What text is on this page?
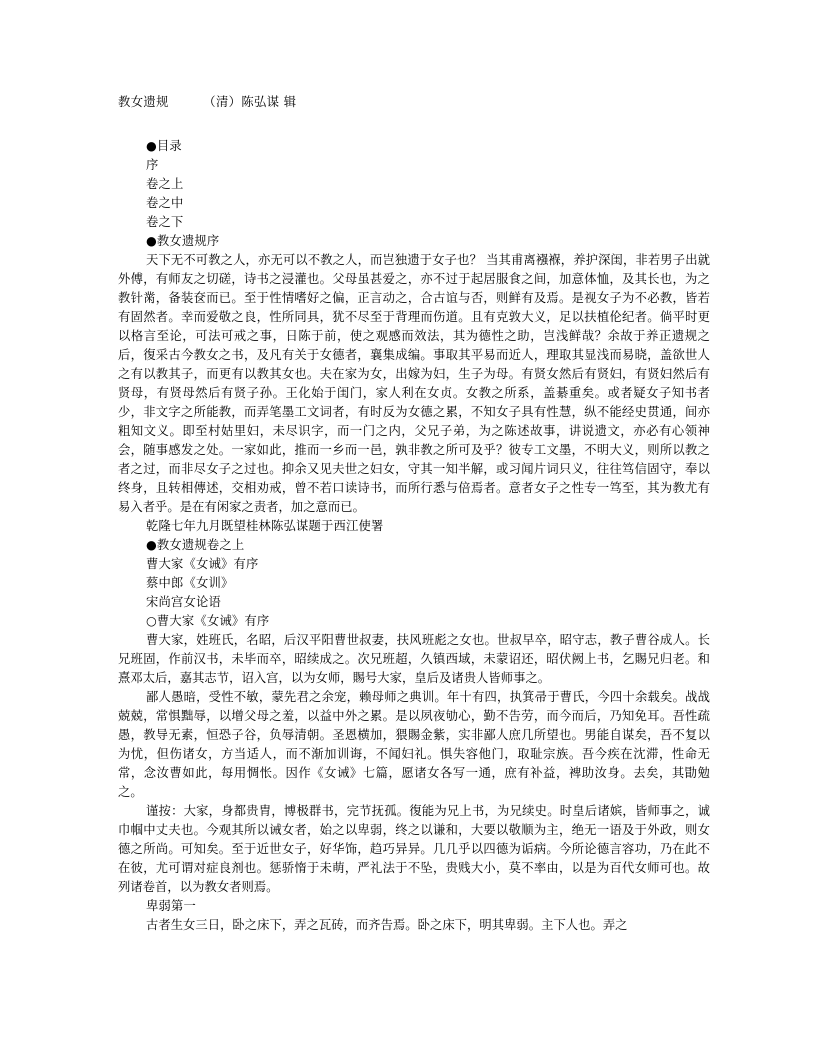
教女遗规        （清）陈弘谋 辑
●目录
序
卷之上
卷之中
卷之下
●教女遗规序

天下无不可教之人，亦无可以不教之人，而岂独遗于女子也？ 当其甫离襁褓，养护深闺，非若男子出就外傅，有师友之切磋，诗书之浸灌也。父母虽甚爱之，亦不过于起居服食之间，加意体恤，及其长也，为之教针黹，备装奁而已。至于性情嗜好之偏，正言动之，合古谊与否，则鲜有及焉。是视女子为不必教，皆若有固然者。幸而爱敬之良，性所同具，犹不尽至于背理而伤道。且有克敦大义，足以扶植伦纪者。倘平时更以格言至论，可法可戒之事，日陈于前，使之观感而效法，其为德性之助，岂浅鲜哉？余故于养正遗规之后，復采古今教女之书，及凡有关于女德者，襄集成编。事取其平易而近人，理取其显浅而易晓，盖欲世人之有以教其子，而更有以教其女也。夫在家为女，出嫁为妇，生子为母。有贤女然后有贤妇，有贤妇然后有贤母，有贤母然后有贤子孙。王化始于闺门，家人利在女贞。女教之所系，盖綦重矣。或者疑女子知书者少，非文字之所能教，而弄笔墨工文词者，有时反为女德之累，不知女子具有性慧，纵不能经史贯通，间亦粗知文义。即至村姑里妇，未尽识字，而一门之内，父兄子弟，为之陈述故事，讲说遗文，亦必有心领神会，随事感发之处。一家如此，推而一乡而一邑，孰非教之所可及乎？彼专工文墨，不明大义，则所以教之者之过，而非尽女子之过也。抑余又见夫世之妇女，守其一知半解，或习闻片词只义，往往笃信固守，奉以终身，且转相傳述，交相劝戒，曾不若口读诗书，而所行悉与倍焉者。意者女子之性专一笃至，其为教尤有易入者乎。是在有闲家之责者，加之意而已。

乾隆七年九月既望桂林陈弘谋题于西江使署
●教女遗规卷之上
曹大家《女诫》有序
蔡中郎《女训》
宋尚宫女论语
○曹大家《女诫》有序

曹大家，姓班氏，名昭，后汉平阳曹世叔妻，扶风班彪之女也。世叔早卒，昭守志，教子曹谷成人。长兄班固，作前汉书，未毕而卒，昭续成之。次兄班超，久镇西域，未蒙诏还，昭伏阙上书，乞賜兄归老。和熹邓太后，嘉其志节，诏入宫，以为女师，賜号大家，皇后及诸贵人皆师事之。

鄙人愚暗，受性不敏，蒙先君之余宠，赖母师之典训。年十有四，执箕帚于曹氏，今四十余载矣。战战兢兢，常惧黜辱，以增父母之羞，以益中外之累。是以夙夜劬心，勤不告劳，而今而后，乃知免耳。吾性疏愚，教导无素，恒恐子谷，负辱清朝。圣恩横加，猥賜金紫，实非鄙人庶几所望也。男能自谋矣，吾不复以为忧，但伤诸女，方当适人，而不渐加训诲，不闻妇礼。惧失容他门，取耻宗族。吾今疾在沈滞，性命无常，念汝曹如此，每用惆怅。因作《女诫》七篇，愿诸女各写一通，庶有补益，裨助汝身。去矣，其勖勉之。

谨按：大家，身都贵胄，博极群书，完节抚孤。復能为兄上书，为兄续史。时皇后诸嫔，皆师事之，诚巾帼中丈夫也。今观其所以诫女者，始之以卑弱，终之以谦和，大要以敬顺为主，绝无一语及于外政，则女德之所尚。可知矣。至于近世女子，好华饰，趋巧异异。几几乎以四德为诟病。今所论德言容功，乃在此不在彼，尤可谓对症良剂也。惩骄惰于未萌，严礼法于不坠，贵贱大小，莫不率由，以是为百代女师可也。故列诸卷首，以为教女者则焉。

卑弱第一

古者生女三日，卧之床下，弄之瓦砖，而齐告焉。卧之床下，明其卑弱。主下人也。弄之
